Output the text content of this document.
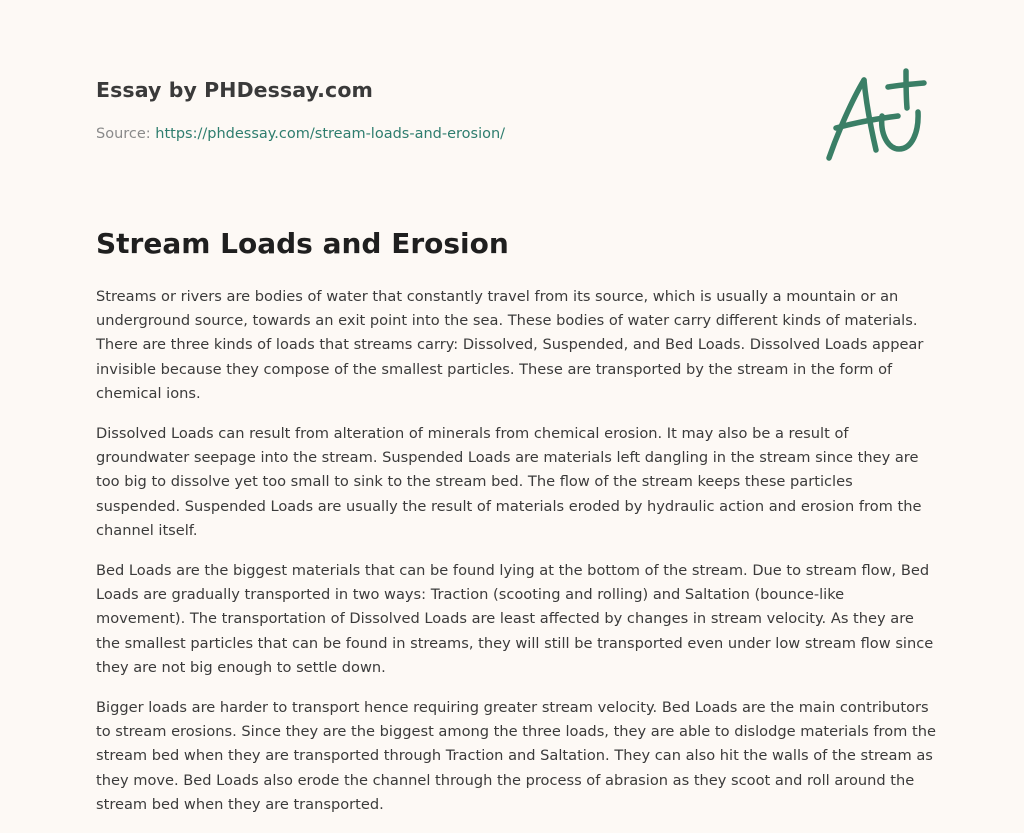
Essay by PHDessay.com
Source: https://phdessay.com/stream-loads-and-erosion/
Stream Loads and Erosion

Streams or rivers are bodies of water that constantly travel from its source, which is usually a mountain or an underground source, towards an exit point into the sea. These bodies of water carry different kinds of materials. There are three kinds of loads that streams carry: Dissolved, Suspended, and Bed Loads. Dissolved Loads appear invisible because they compose of the smallest particles. These are transported by the stream in the form of chemical ions.

Dissolved Loads can result from alteration of minerals from chemical erosion. It may also be a result of groundwater seepage into the stream. Suspended Loads are materials left dangling in the stream since they are too big to dissolve yet too small to sink to the stream bed. The flow of the stream keeps these particles suspended. Suspended Loads are usually the result of materials eroded by hydraulic action and erosion from the channel itself.

Bed Loads are the biggest materials that can be found lying at the bottom of the stream. Due to stream flow, Bed Loads are gradually transported in two ways: Traction (scooting and rolling) and Saltation (bounce-like movement). The transportation of Dissolved Loads are least affected by changes in stream velocity. As they are the smallest particles that can be found in streams, they will still be transported even under low stream flow since they are not big enough to settle down.

Bigger loads are harder to transport hence requiring greater stream velocity. Bed Loads are the main contributors to stream erosions. Since they are the biggest among the three loads, they are able to dislodge materials from the stream bed when they are transported through Traction and Saltation. They can also hit the walls of the stream as they move. Bed Loads also erode the channel through the process of abrasion as they scoot and roll around the stream bed when they are transported.
